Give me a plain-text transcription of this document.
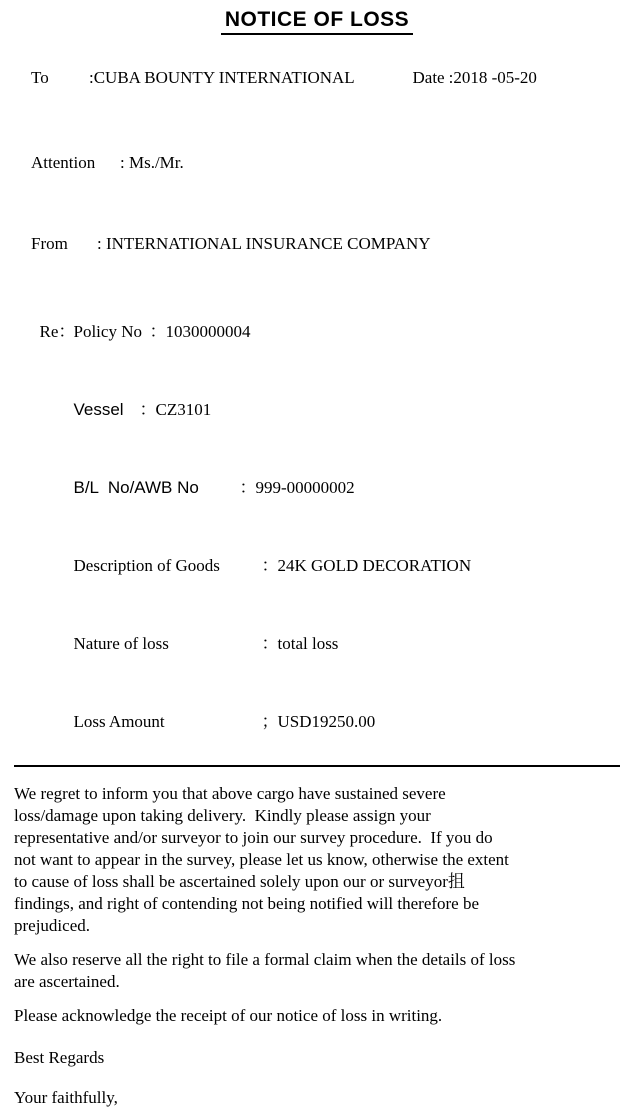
NOTICE OF LOSS

To :CUBA BOUNTY INTERNATIONAL
	Date :2018 -05-20

Attention : Ms./Mr.

From : INTERNATIONAL INSURANCE COMPANY

Re：Policy No ：1030000004

Vessel ：CZ3101

B/L  No/AWB No ：999-00000002

Description of Goods ：24K GOLD DECORATION

Nature of loss	：total loss

Loss Amount	；USD19250.00

We regret to inform you that above cargo have sustained severe
loss/damage upon taking delivery.  Kindly please assign your
representative and/or surveyor to join our survey procedure.  If you do
not want to appear in the survey, please let us know, otherwise the extent
to cause of loss shall be ascertained solely upon our or surveyor抯
findings, and right of contending not being notified will therefore be
prejudiced.
We also reserve all the right to file a formal claim when the details of loss
are ascertained.
Please acknowledge the receipt of our notice of loss in writing.
Best Regards
Your faithfully,
